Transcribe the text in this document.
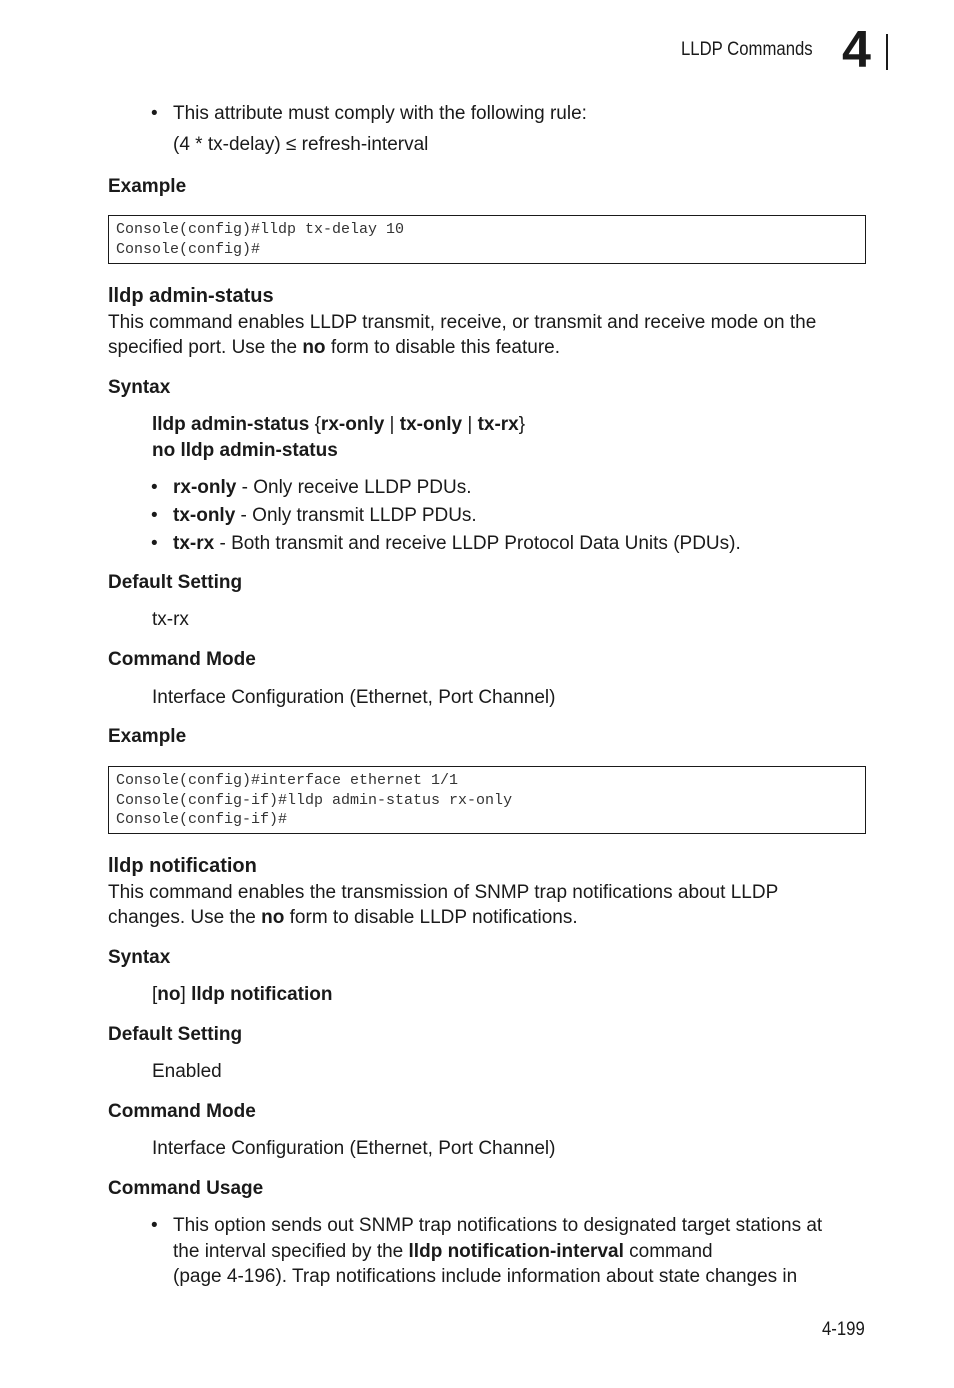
LLDP Commands 4
• This attribute must comply with the following rule:
(4 * tx-delay) ≤ refresh-interval
Example
Console(config)#lldp tx-delay 10
Console(config)#
lldp admin-status
This command enables LLDP transmit, receive, or transmit and receive mode on the
specified port. Use the no form to disable this feature.
Syntax
lldp admin-status {rx-only | tx-only | tx-rx}
no lldp admin-status
• rx-only - Only receive LLDP PDUs.
• tx-only - Only transmit LLDP PDUs.
• tx-rx - Both transmit and receive LLDP Protocol Data Units (PDUs).
Default Setting
tx-rx
Command Mode
Interface Configuration (Ethernet, Port Channel)
Example
Console(config)#interface ethernet 1/1
Console(config-if)#lldp admin-status rx-only
Console(config-if)#
lldp notification
This command enables the transmission of SNMP trap notifications about LLDP
changes. Use the no form to disable LLDP notifications.
Syntax
[no] lldp notification
Default Setting
Enabled
Command Mode
Interface Configuration (Ethernet, Port Channel)
Command Usage
• This option sends out SNMP trap notifications to designated target stations at
the interval specified by the lldp notification-interval command
(page 4-196). Trap notifications include information about state changes in
4-199
